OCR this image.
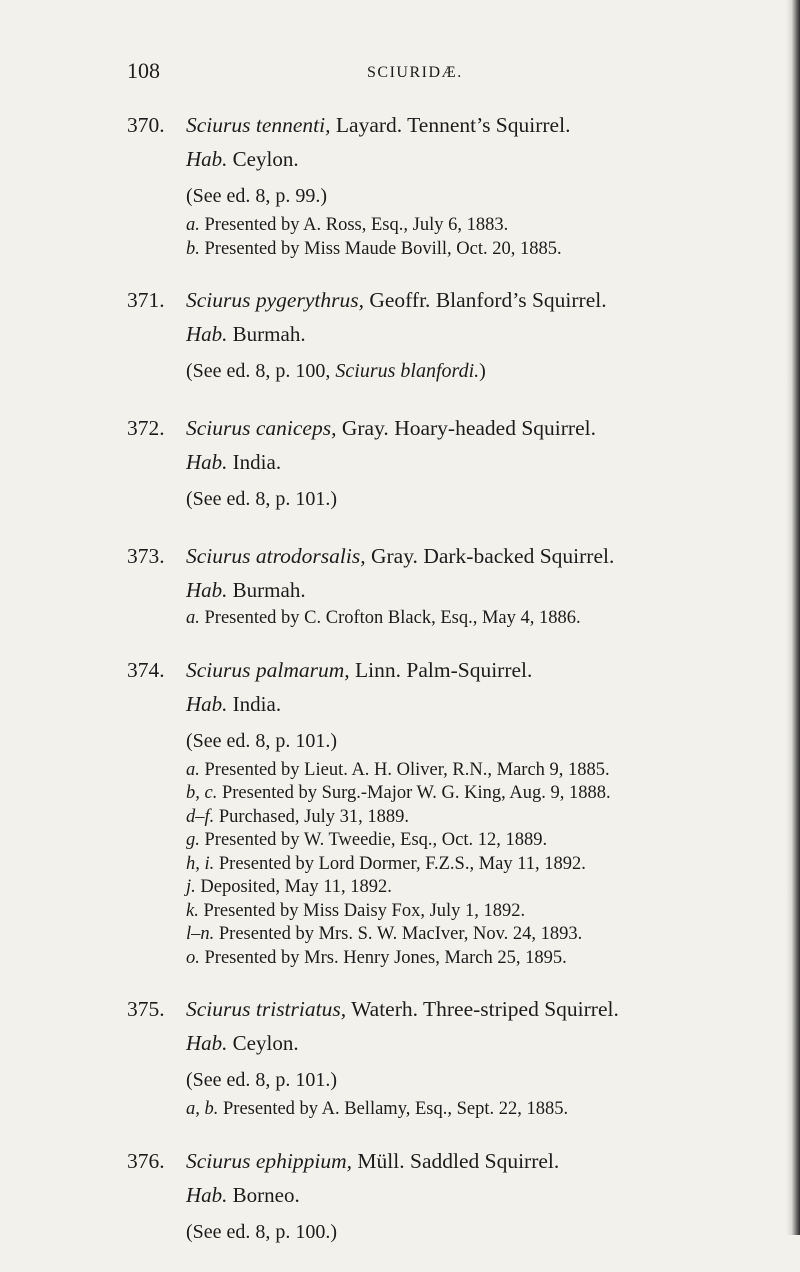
108	SCIURIDÆ.
370. Sciurus tennenti, Layard. Tennent’s Squirrel.
Hab. Ceylon.
(See ed. 8, p. 99.)
a. Presented by A. Ross, Esq., July 6, 1883.
b. Presented by Miss Maude Bovill, Oct. 20, 1885.
371. Sciurus pygerythrus, Geoffr. Blanford’s Squirrel.
Hab. Burmah.
(See ed. 8, p. 100, Sciurus blanfordi.)
372. Sciurus caniceps, Gray. Hoary-headed Squirrel.
Hab. India.
(See ed. 8, p. 101.)
373. Sciurus atrodorsalis, Gray. Dark-backed Squirrel.
Hab. Burmah.
a. Presented by C. Crofton Black, Esq., May 4, 1886.
374. Sciurus palmarum, Linn. Palm-Squirrel.
Hab. India.
(See ed. 8, p. 101.)
a. Presented by Lieut. A. H. Oliver, R.N., March 9, 1885.
b, c. Presented by Surg.-Major W. G. King, Aug. 9, 1888.
d–f. Purchased, July 31, 1889.
g. Presented by W. Tweedie, Esq., Oct. 12, 1889.
h, i. Presented by Lord Dormer, F.Z.S., May 11, 1892.
j. Deposited, May 11, 1892.
k. Presented by Miss Daisy Fox, July 1, 1892.
l–n. Presented by Mrs. S. W. MacIver, Nov. 24, 1893.
o. Presented by Mrs. Henry Jones, March 25, 1895.
375. Sciurus tristriatus, Waterh. Three-striped Squirrel.
Hab. Ceylon.
(See ed. 8, p. 101.)
a, b. Presented by A. Bellamy, Esq., Sept. 22, 1885.
376. Sciurus ephippium, Müll. Saddled Squirrel.
Hab. Borneo.
(See ed. 8, p. 100.)
